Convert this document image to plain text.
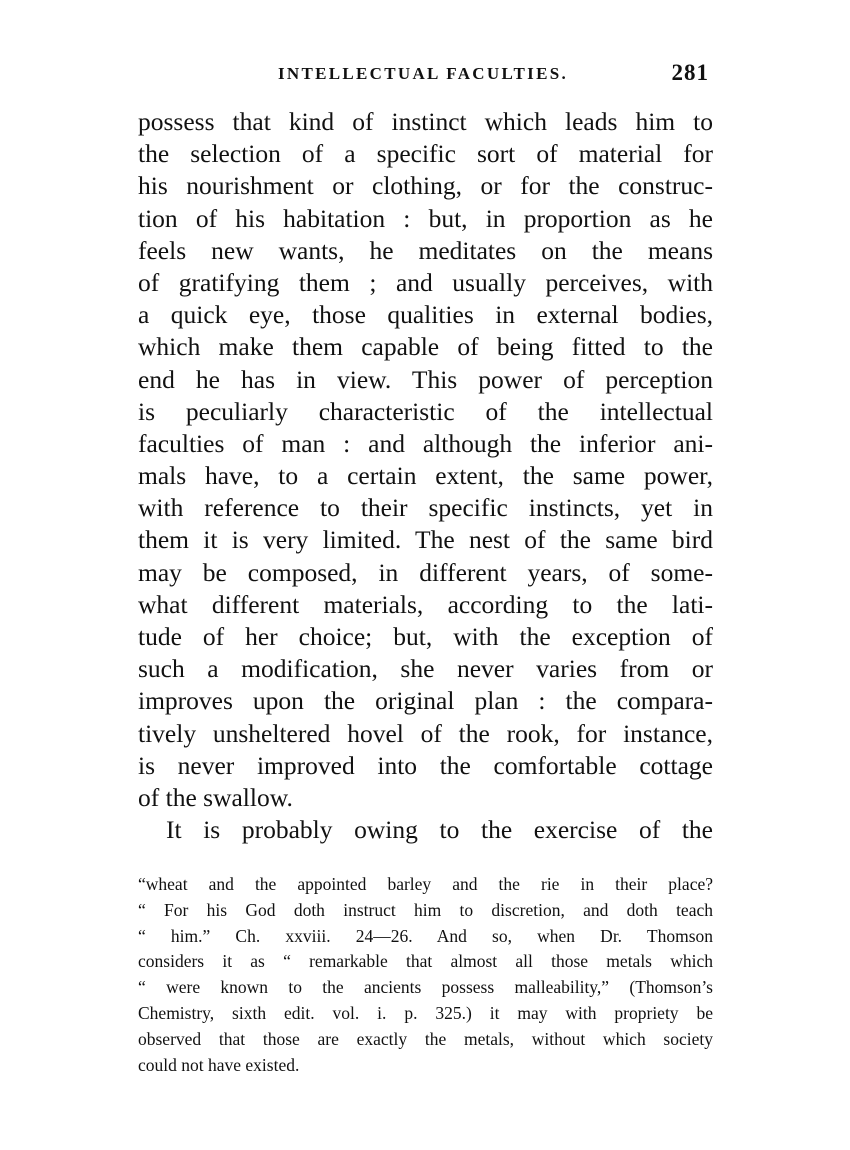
INTELLECTUAL FACULTIES.	281
possess that kind of instinct which leads him to
the selection of a specific sort of material for
his nourishment or clothing, or for the construc-
tion of his habitation : but, in proportion as he
feels new wants, he meditates on the means
of gratifying them ; and usually perceives, with
a quick eye, those qualities in external bodies,
which make them capable of being fitted to the
end he has in view. This power of perception
is peculiarly characteristic of the intellectual
faculties of man : and although the inferior ani-
mals have, to a certain extent, the same power,
with reference to their specific instincts, yet in
them it is very limited. The nest of the same bird
may be composed, in different years, of some-
what different materials, according to the lati-
tude of her choice; but, with the exception of
such a modification, she never varies from or
improves upon the original plan : the compara-
tively unsheltered hovel of the rook, for instance,
is never improved into the comfortable cottage
of the swallow.
It is probably owing to the exercise of the
“wheat and the appointed barley and the rie in their place?
“ For his God doth instruct him to discretion, and doth teach
“ him.” Ch. xxviii. 24—26. And so, when Dr. Thomson
considers it as “ remarkable that almost all those metals which
“ were known to the ancients possess malleability,” (Thomson’s
Chemistry, sixth edit. vol. i. p. 325.) it may with propriety be
observed that those are exactly the metals, without which society
could not have existed.
